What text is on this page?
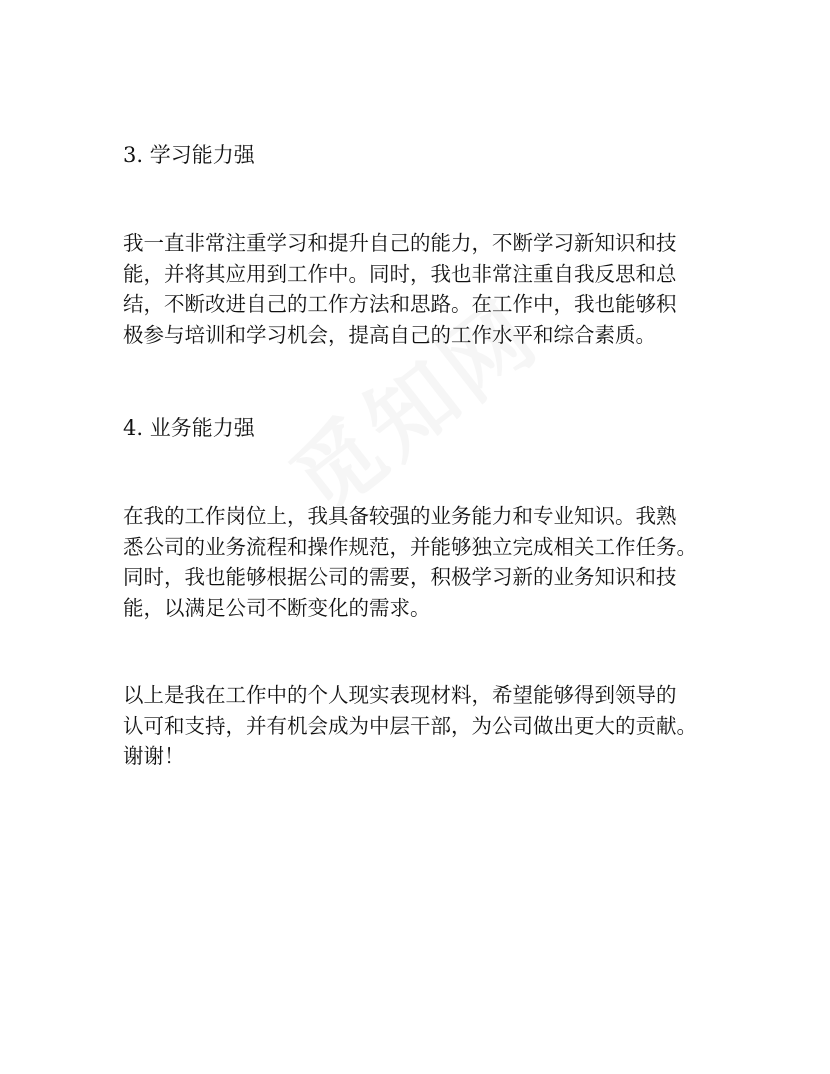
3. 学习能力强

我一直非常注重学习和提升自己的能力，不断学习新知识和技
能，并将其应用到工作中。同时，我也非常注重自我反思和总
结，不断改进自己的工作方法和思路。在工作中，我也能够积
极参与培训和学习机会，提高自己的工作水平和综合素质。

4. 业务能力强

在我的工作岗位上，我具备较强的业务能力和专业知识。我熟
悉公司的业务流程和操作规范，并能够独立完成相关工作任务。
同时，我也能够根据公司的需要，积极学习新的业务知识和技
能，以满足公司不断变化的需求。

以上是我在工作中的个人现实表现材料，希望能够得到领导的
认可和支持，并有机会成为中层干部，为公司做出更大的贡献。
谢谢！
